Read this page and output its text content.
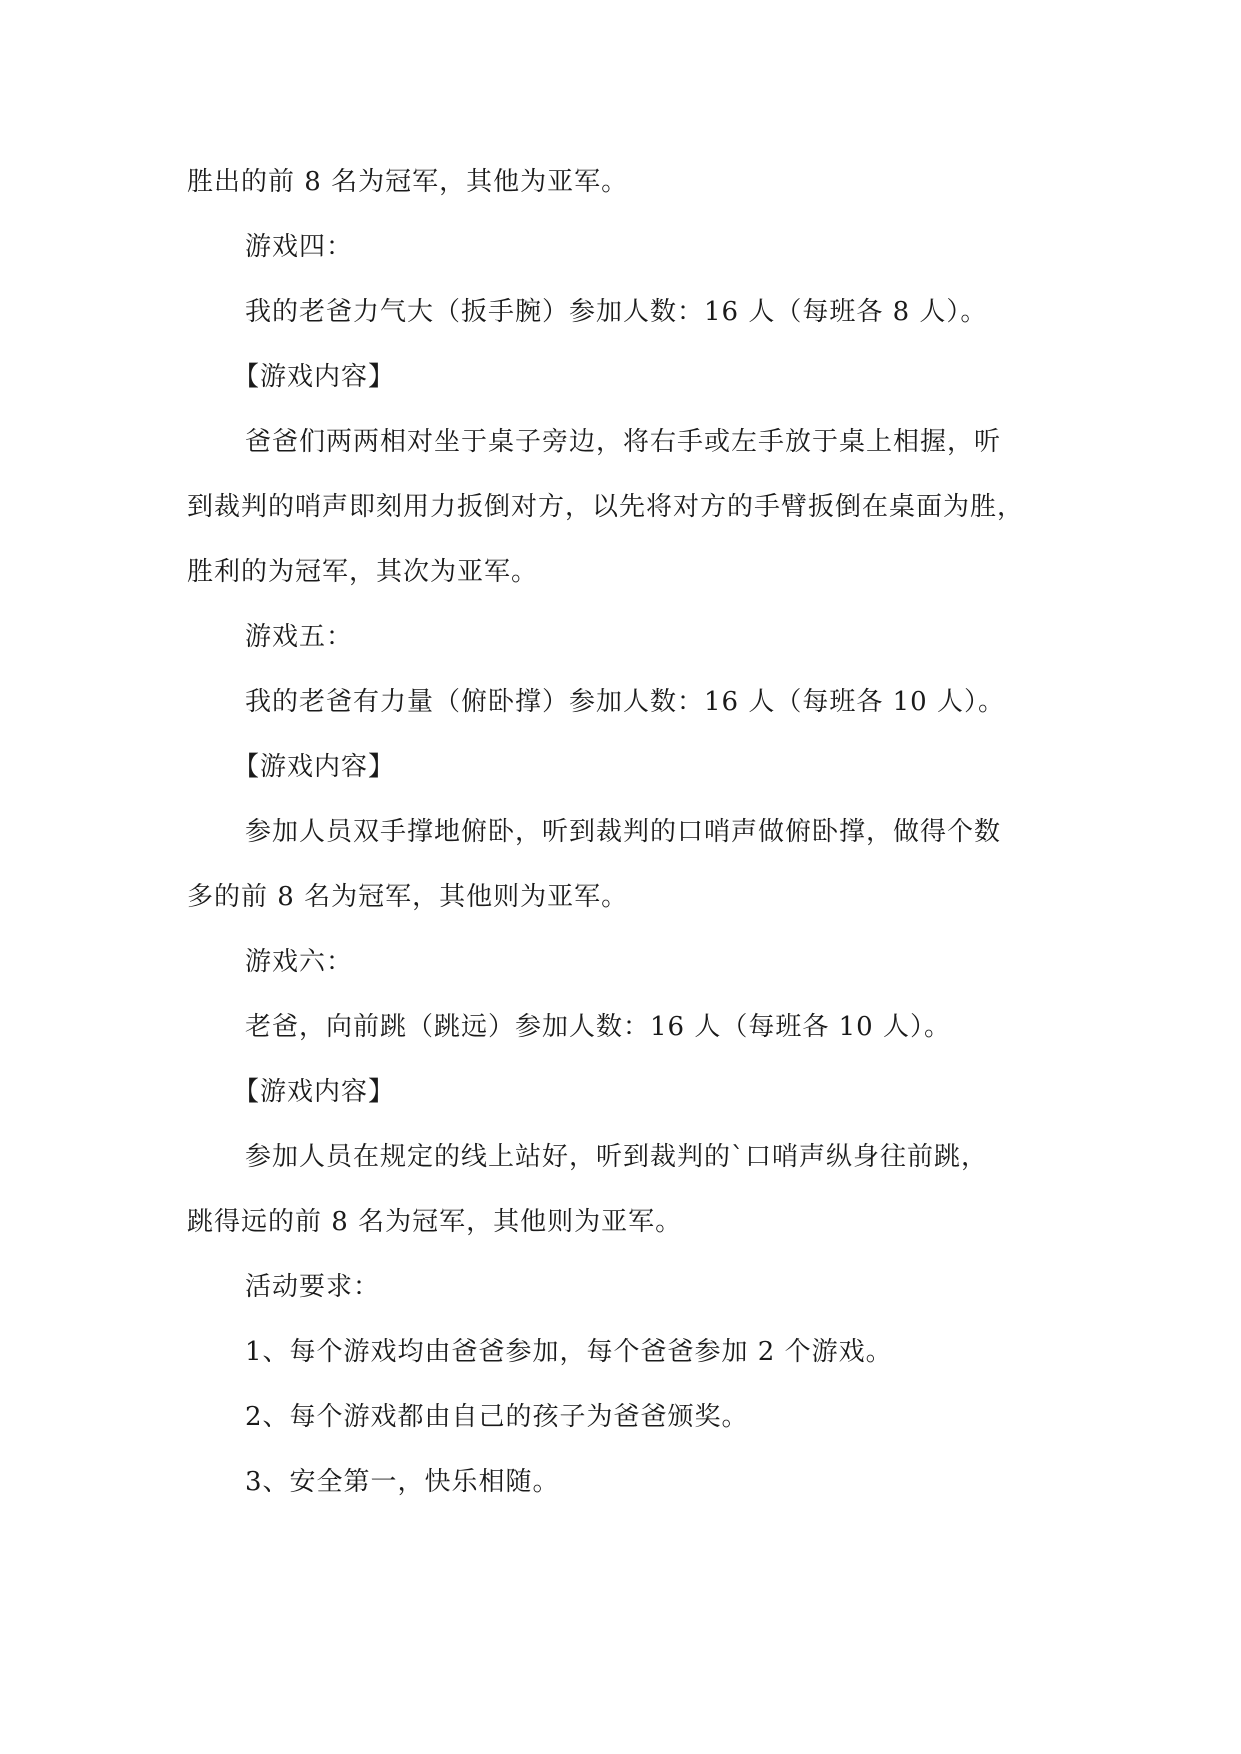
胜出的前 8 名为冠军，其他为亚军。

游戏四：

我的老爸力气大（扳手腕）参加人数：16 人（每班各 8 人）。

【游戏内容】

爸爸们两两相对坐于桌子旁边，将右手或左手放于桌上相握，听

到裁判的哨声即刻用力扳倒对方，以先将对方的手臂扳倒在桌面为胜，

胜利的为冠军，其次为亚军。

游戏五：

我的老爸有力量（俯卧撑）参加人数：16 人（每班各 10 人）。

【游戏内容】

参加人员双手撑地俯卧，听到裁判的口哨声做俯卧撑，做得个数

多的前 8 名为冠军，其他则为亚军。

游戏六：

老爸，向前跳（跳远）参加人数：16 人（每班各 10 人）。

【游戏内容】

参加人员在规定的线上站好，听到裁判的`口哨声纵身往前跳，

跳得远的前 8 名为冠军，其他则为亚军。

活动要求：

1、每个游戏均由爸爸参加，每个爸爸参加 2 个游戏。

2、每个游戏都由自己的孩子为爸爸颁奖。

3、安全第一，快乐相随。
